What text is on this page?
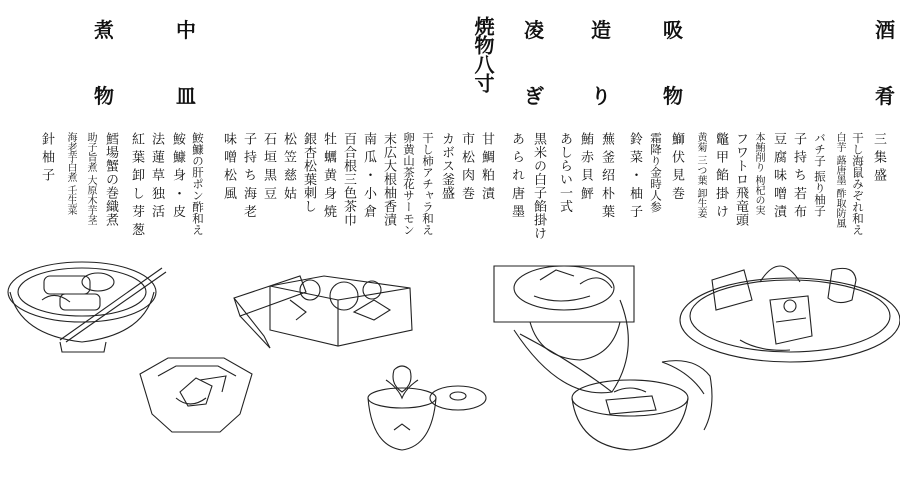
酒
肴
吸
物
造
り
凌
ぎ
焼物八寸
中
皿
煮
物
三 集 盛
干し海鼠みぞれ和え
白芋 蕗唐墨 酢取防風
バチ子 振り柚子
子 持 ち 若 布
豆 腐 味 噌 漬
本鮪削り 枸杞の実
フワトロ飛竜頭
鼈 甲 餡 掛 け
黄菊 三つ葉 卸生姜
鰤 伏 見 巻
霜降り金時人参
鈴 菜 ・ 柚 子
蕪 釜 绍 朴 葉
鮪 赤 貝 鮃
あしらい一式
黒米の白子餡掛け
あ ら れ 唐 墨
甘 鯛 粕 漬
市 松 肉 巻
カボス釜盛
干し柿アチャラ和え
卵黄山茶花サーモン
末広大根柚香漬
南 瓜 ・ 小 倉
百合根三色茶巾
牡 蠣 黄 身 焼
銀杏松葉刺し
松 笠 慈 姑
石 垣 黒 豆
子 持 ち 海 老
味 噌 松 風
鮟鱇の肝ポン酢和え
鮟 鱇 身 ・ 皮
法 蓮 草 独 活
紅 葉 卸 し 芽 葱
鱈場蟹の巻織煮
助子旨煮 大原木芋茎
海老芋白煮 壬生菜
針 柚 子
